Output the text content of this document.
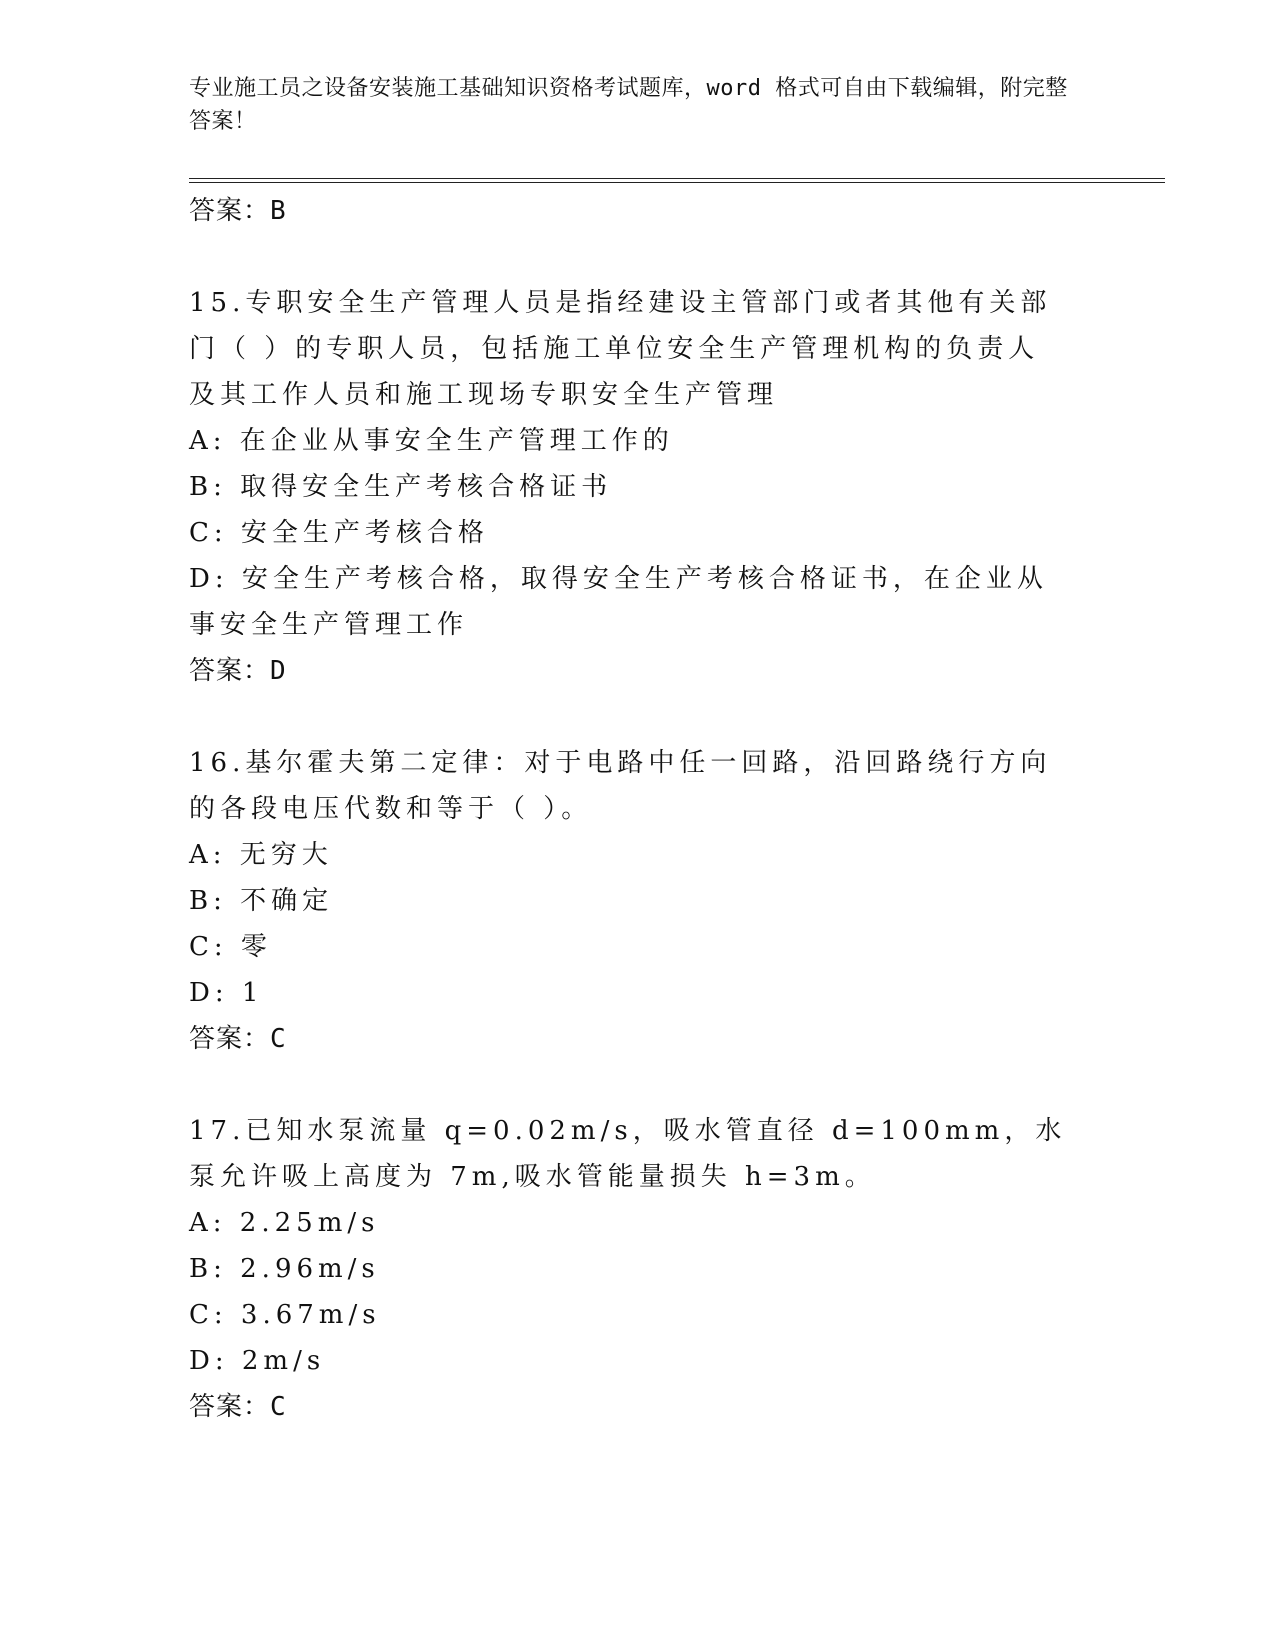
专业施工员之设备安装施工基础知识资格考试题库，word 格式可自由下载编辑，附完整答案！

答案：B

15.专职安全生产管理人员是指经建设主管部门或者其他有关部门（ ）的专职人员，包括施工单位安全生产管理机构的负责人及其工作人员和施工现场专职安全生产管理
A: 在企业从事安全生产管理工作的
B: 取得安全生产考核合格证书
C: 安全生产考核合格
D: 安全生产考核合格，取得安全生产考核合格证书，在企业从事安全生产管理工作

答案：D

16.基尔霍夫第二定律：对于电路中任一回路，沿回路绕行方向的各段电压代数和等于（ ）。
A: 无穷大
B: 不确定
C: 零
D: 1

答案：C

17.已知水泵流量 q=0.02m/s，吸水管直径 d=100mm，水泵允许吸上高度为 7m,吸水管能量损失 h=3m。
A: 2.25m/s
B: 2.96m/s
C: 3.67m/s
D: 2m/s

答案：C
